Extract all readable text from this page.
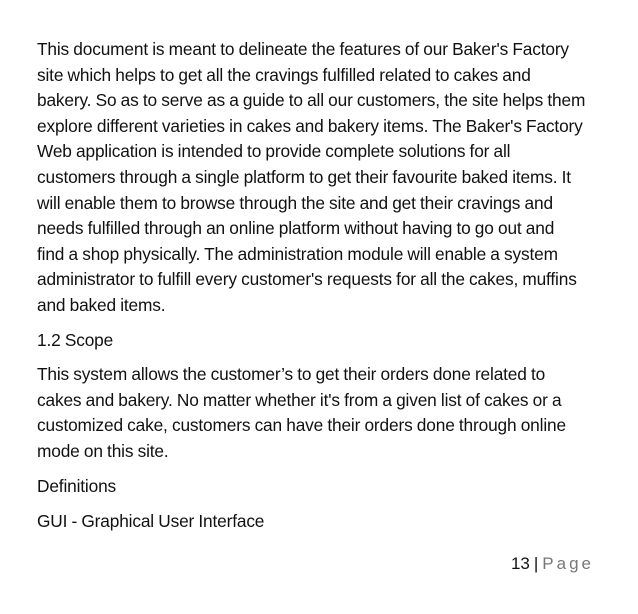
This document is meant to delineate the features of our Baker's Factory
site which helps to get all the cravings fulfilled related to cakes and
bakery. So as to serve as a guide to all our customers, the site helps them
explore different varieties in cakes and bakery items. The Baker's Factory
Web application is intended to provide complete solutions for all
customers through a single platform to get their favourite baked items. It
will enable them to browse through the site and get their cravings and
needs fulfilled through an online platform without having to go out and
find a shop physically. The administration module will enable a system
administrator to fulfill every customer's requests for all the cakes, muffins
and baked items.

1.2 Scope

This system allows the customer’s to get their orders done related to
cakes and bakery. No matter whether it's from a given list of cakes or a
customized cake, customers can have their orders done through online
mode on this site.

Definitions

GUI - Graphical User Interface

13 | Page
